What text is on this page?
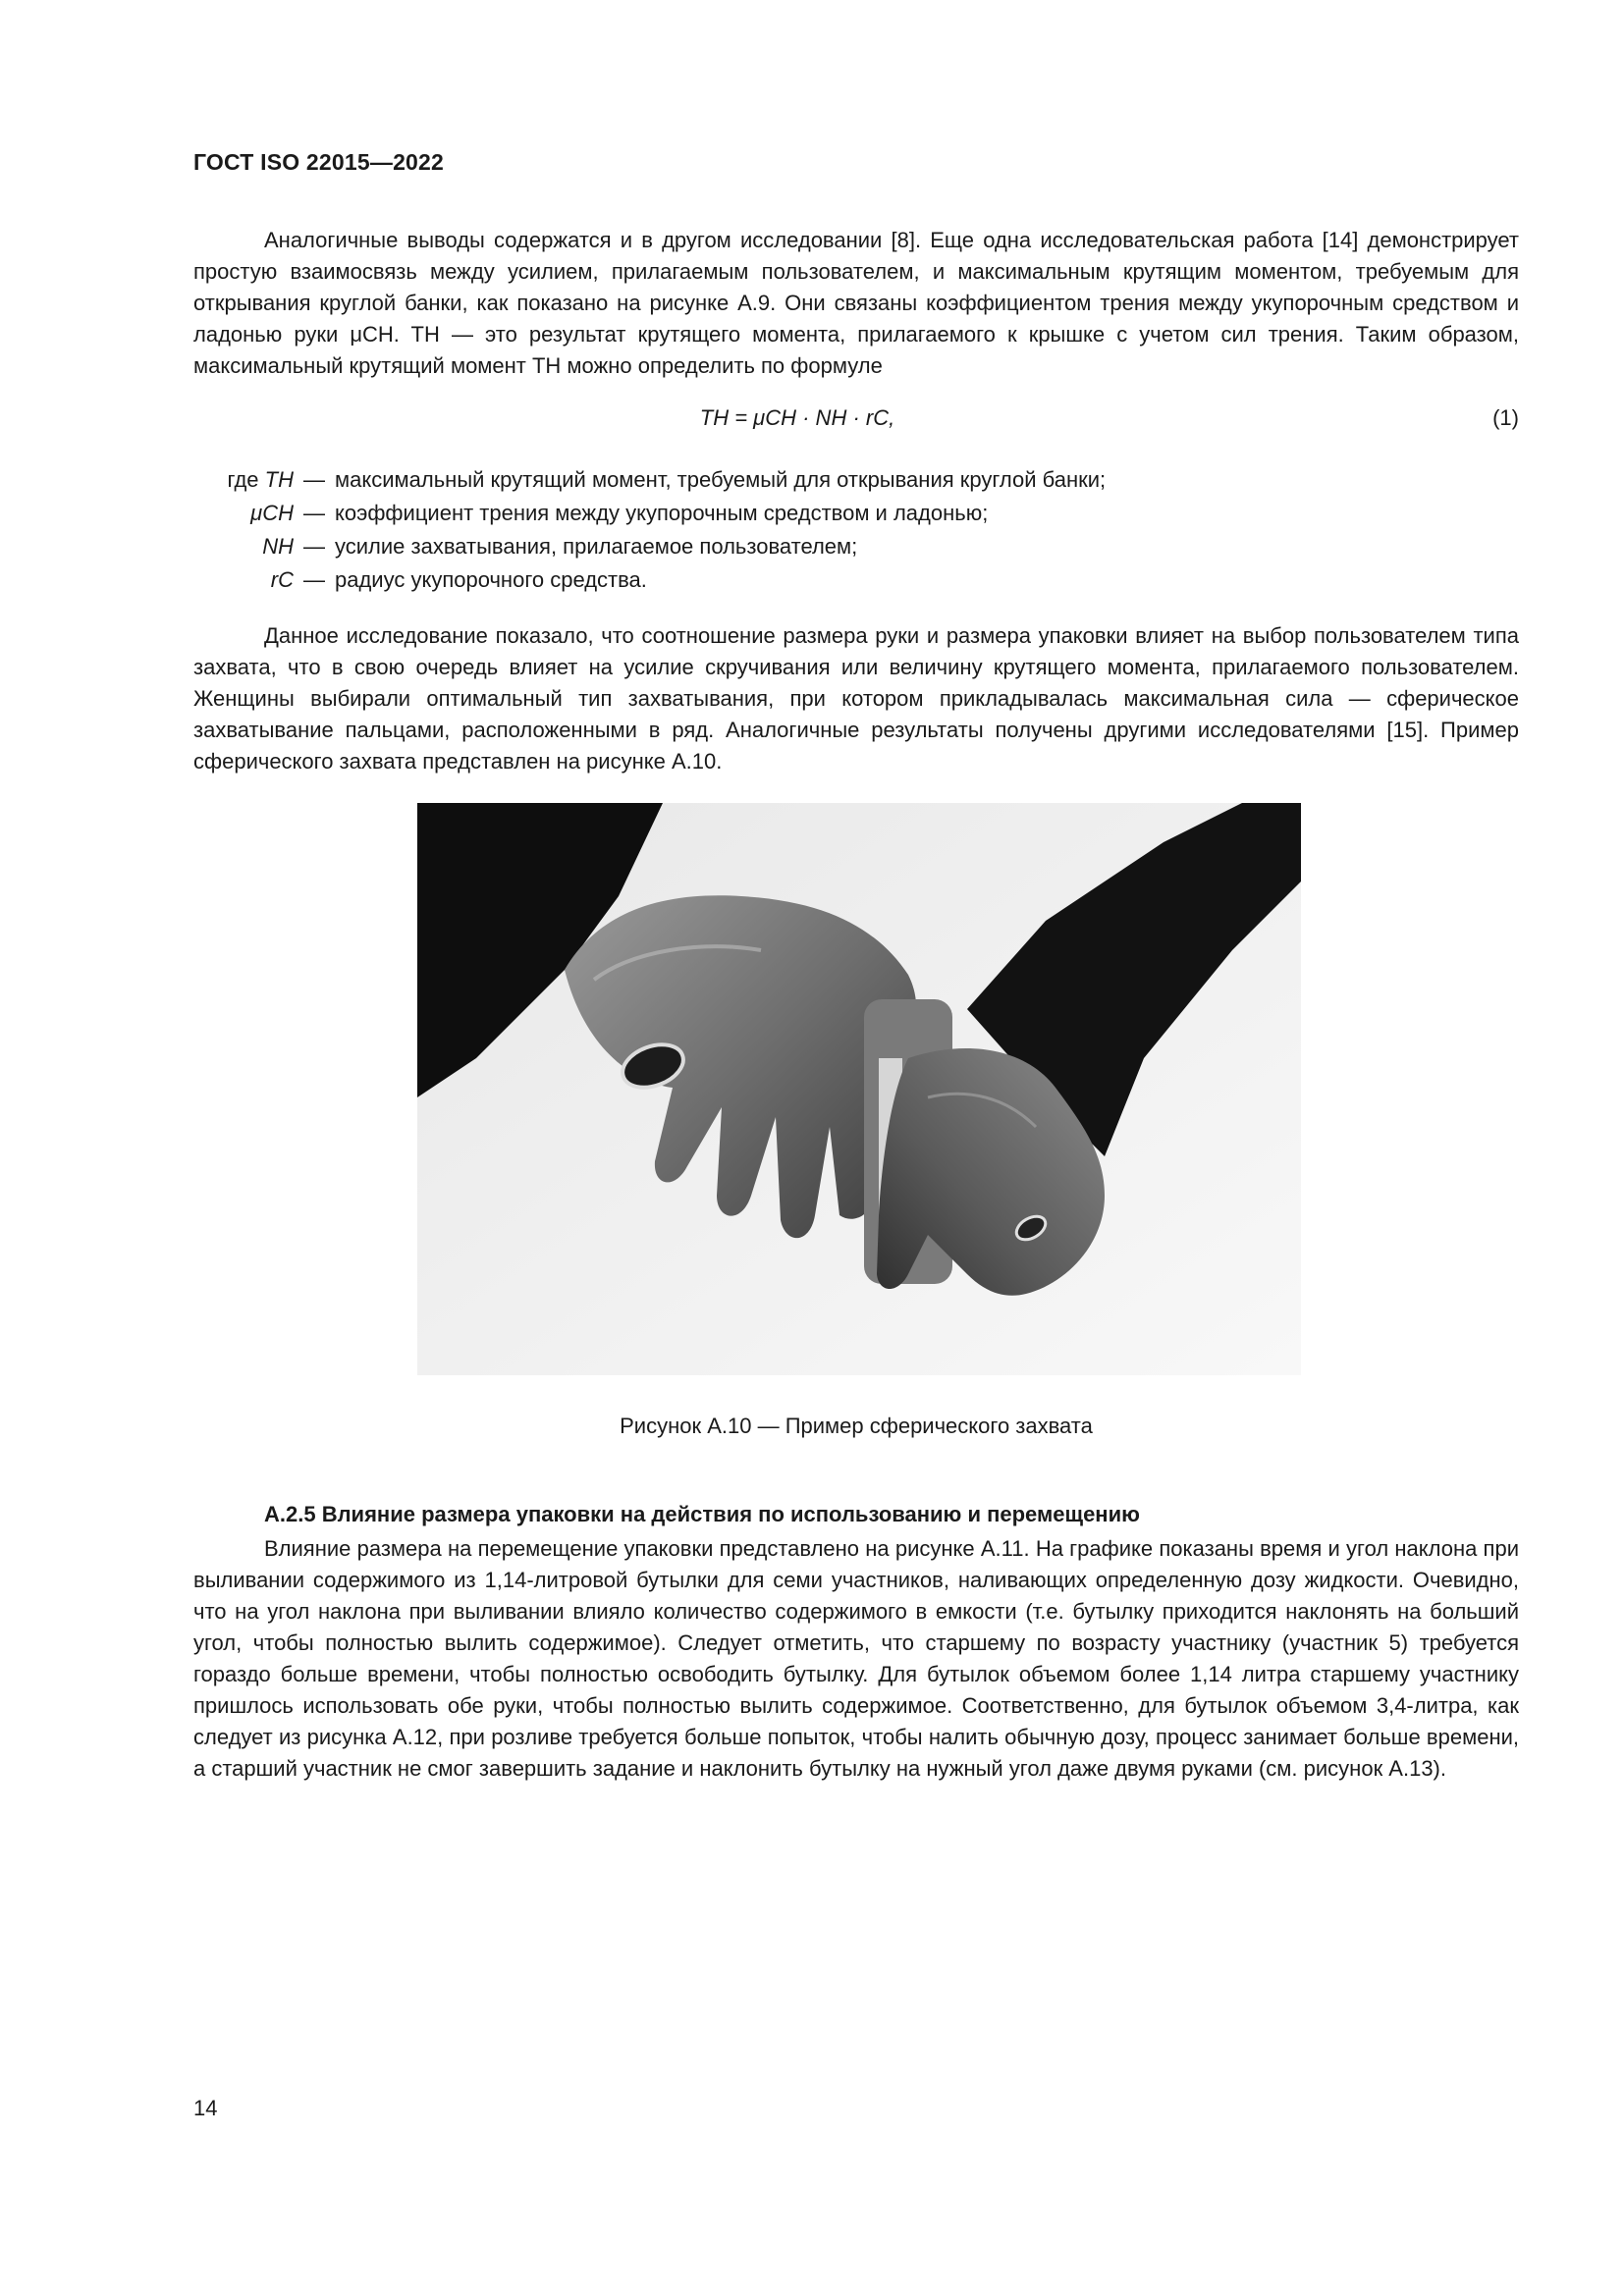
ГОСТ ISO 22015—2022
Аналогичные выводы содержатся и в другом исследовании [8]. Еще одна исследовательская работа [14] демонстрирует простую взаимосвязь между усилием, прилагаемым пользователем, и максимальным крутящим моментом, требуемым для открывания круглой банки, как показано на рисунке А.9. Они связаны коэффициентом трения между укупорочным средством и ладонью руки μCH. TH — это результат крутящего момента, прилагаемого к крышке с учетом сил трения. Таким образом, максимальный крутящий момент TH можно определить по формуле
TH = μCH · NH · rC,	(1)
где TH — максимальный крутящий момент, требуемый для открывания круглой банки;
μCH — коэффициент трения между укупорочным средством и ладонью;
NH — усилие захватывания, прилагаемое пользователем;
rC — радиус укупорочного средства.
Данное исследование показало, что соотношение размера руки и размера упаковки влияет на выбор пользователем типа захвата, что в свою очередь влияет на усилие скручивания или величину крутящего момента, прилагаемого пользователем. Женщины выбирали оптимальный тип захватывания, при котором прикладывалась максимальная сила — сферическое захватывание пальцами, расположенными в ряд. Аналогичные результаты получены другими исследователями [15]. Пример сферического захвата представлен на рисунке А.10.
Рисунок А.10 — Пример сферического захвата
А.2.5 Влияние размера упаковки на действия по использованию и перемещению
Влияние размера на перемещение упаковки представлено на рисунке А.11. На графике показаны время и угол наклона при выливании содержимого из 1,14-литровой бутылки для семи участников, наливающих определенную дозу жидкости. Очевидно, что на угол наклона при выливании влияло количество содержимого в емкости (т.е. бутылку приходится наклонять на больший угол, чтобы полностью вылить содержимое). Следует отметить, что старшему по возрасту участнику (участник 5) требуется гораздо больше времени, чтобы полностью освободить бутылку. Для бутылок объемом более 1,14 литра старшему участнику пришлось использовать обе руки, чтобы полностью вылить содержимое. Соответственно, для бутылок объемом 3,4-литра, как следует из рисунка А.12, при розливе требуется больше попыток, чтобы налить обычную дозу, процесс занимает больше времени, а старший участник не смог завершить задание и наклонить бутылку на нужный угол даже двумя руками (см. рисунок А.13).
14
